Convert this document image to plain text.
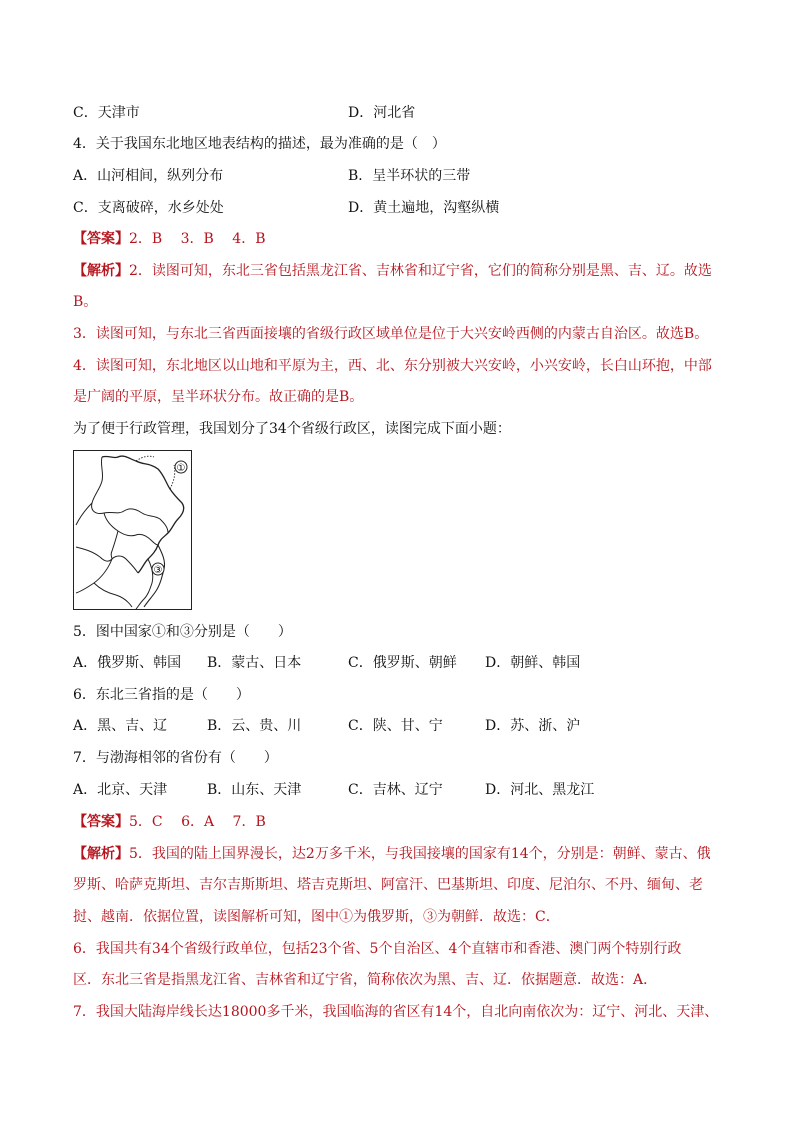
C．天津市	D．河北省
4．关于我国东北地区地表结构的描述，最为准确的是（　）
A．山河相间，纵列分布	B．呈半环状的三带
C．支离破碎，水乡处处	D．黄土遍地，沟壑纵横
【答案】2．B　 3．B　 4．B
【解析】2．读图可知，东北三省包括黑龙江省、吉林省和辽宁省，它们的简称分别是黑、吉、辽。故选
B。
3．读图可知，与东北三省西面接壤的省级行政区域单位是位于大兴安岭西侧的内蒙古自治区。故选B。
4．读图可知，东北地区以山地和平原为主，西、北、东分别被大兴安岭，小兴安岭，长白山环抱，中部
是广阔的平原，呈半环状分布。故正确的是B。
为了便于行政管理，我国划分了34个省级行政区，读图完成下面小题：
①
③
5．图中国家①和③分别是（　　）
A．俄罗斯、韩国 B．蒙古、日本	C．俄罗斯、朝鲜 D．朝鲜、韩国
6．东北三省指的是（　　）
A．黑、吉、辽	B．云、贵、川	C．陕、甘、宁	D．苏、浙、沪
7．与渤海相邻的省份有（　　）
A．北京、天津	B．山东、天津	C．吉林、辽宁	D．河北、黑龙江
【答案】5．C　 6．A　 7．B
【解析】5．我国的陆上国界漫长，达2万多千米，与我国接壤的国家有14个，分别是：朝鲜、蒙古、俄
罗斯、哈萨克斯坦、吉尔吉斯斯坦、塔吉克斯坦、阿富汗、巴基斯坦、印度、尼泊尔、不丹、缅甸、老
挝、越南．依据位置，读图解析可知，图中①为俄罗斯，③为朝鲜．故选：C．
6．我国共有34个省级行政单位，包括23个省、5个自治区、4个直辖市和香港、澳门两个特别行政
区．东北三省是指黑龙江省、吉林省和辽宁省，简称依次为黑、吉、辽．依据题意．故选：A．
7．我国大陆海岸线长达18000多千米，我国临海的省区有14个，自北向南依次为：辽宁、河北、天津、
